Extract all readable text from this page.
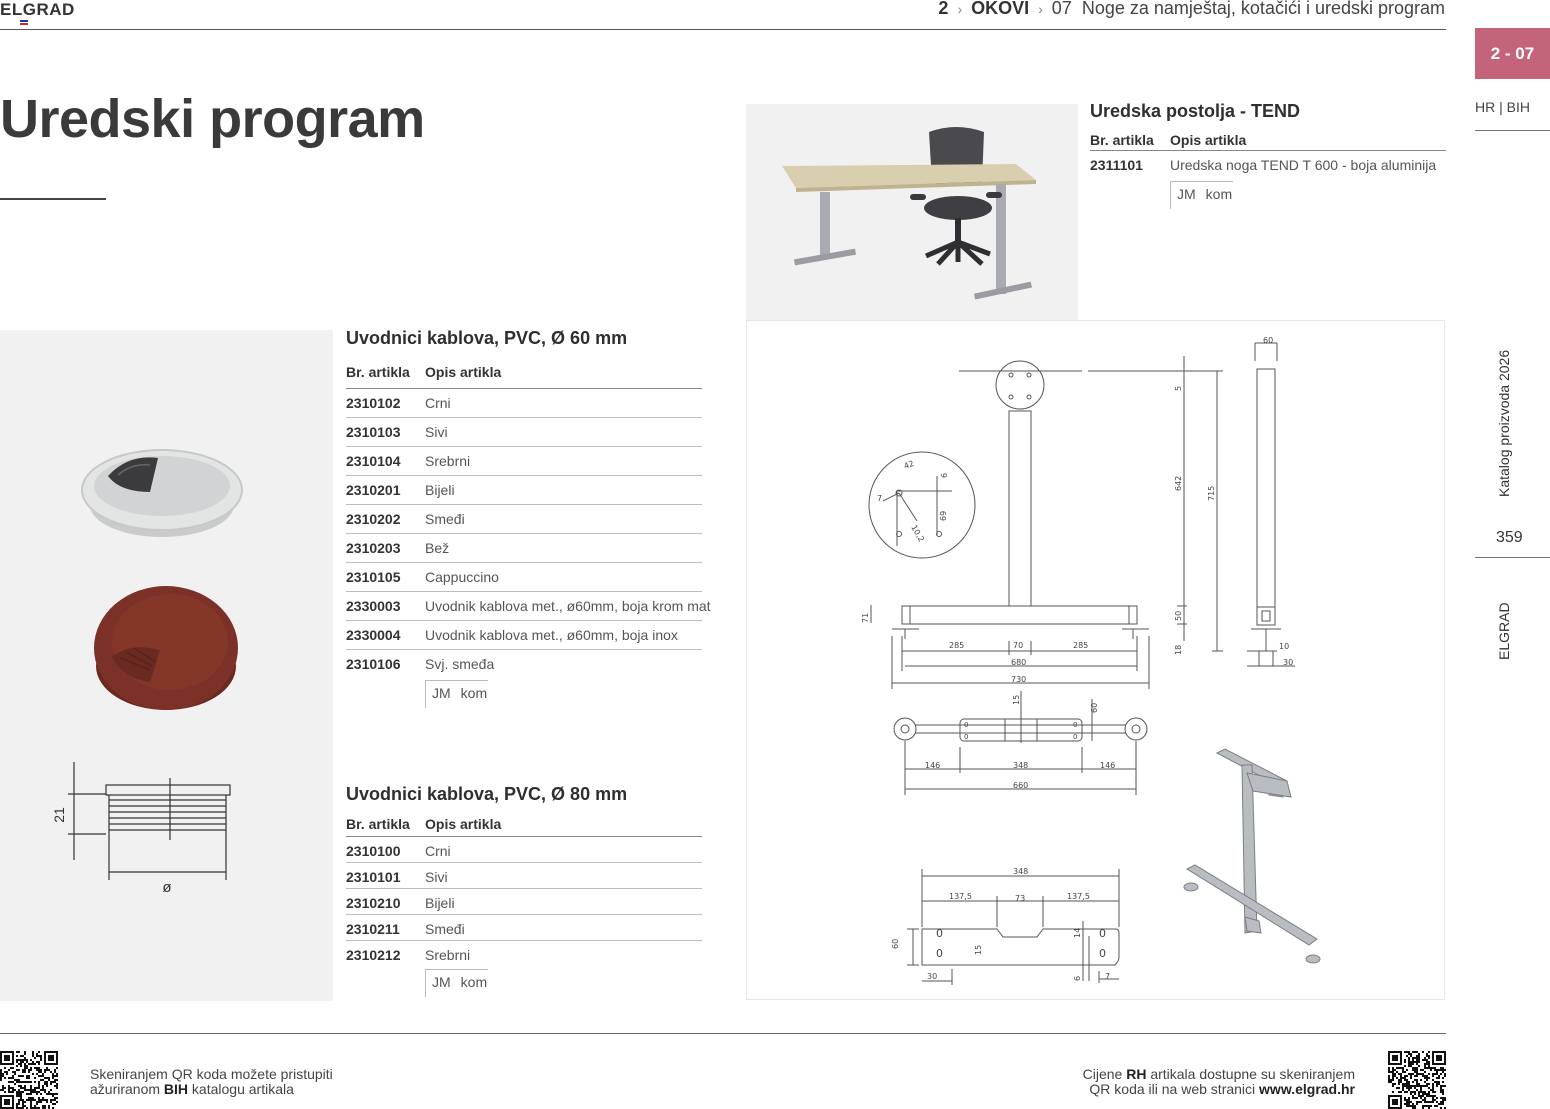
ELGRAD	2 › OKOVI › 07 Noge za namještaj, kotačići i uredski program
2 - 07
HR | BIH
Katalog proizvoda 2026
359
ELGRAD
Uredski program	Uredska postolja - TEND
Br. artikla Opis artikla
2311101 Uredska noga TEND T 600 - boja aluminija
JM kom
21
ø
Uvodnici kablova, PVC, Ø 60 mm
Br. artikla Opis artikla
2310102 Crni
2310103 Sivi
2310104 Srebrni
2310201 Bijeli
2310202 Smeđi
2310203 Bež
2310105 Cappuccino
2330003 Uvodnik kablova met., ø60mm, boja krom mat
2330004 Uvodnik kablova met., ø60mm, boja inox
2310106 Svj. smeđa
JM kom
Uvodnici kablova, PVC, Ø 80 mm
Br. artikla Opis artikla
2310100 Crni
2310101 Sivi
2310210 Bijeli
2310211 Smeđi
2310212 Srebrni
JM kom
60
5
642
715
42
6
69
7
10,2
71	50
18
285	70	285
680
730
10
30
15
60
146	348	146
660
348
137,5	73	137,5
60
15
14
30	6	7
0
0
0
0
0
0
0
0
Skeniranjem QR koda možete pristupiti
ažuriranom BIH katalogu artikala
Cijene RH artikala dostupne su skeniranjem
QR koda ili na web stranici www.elgrad.hr
